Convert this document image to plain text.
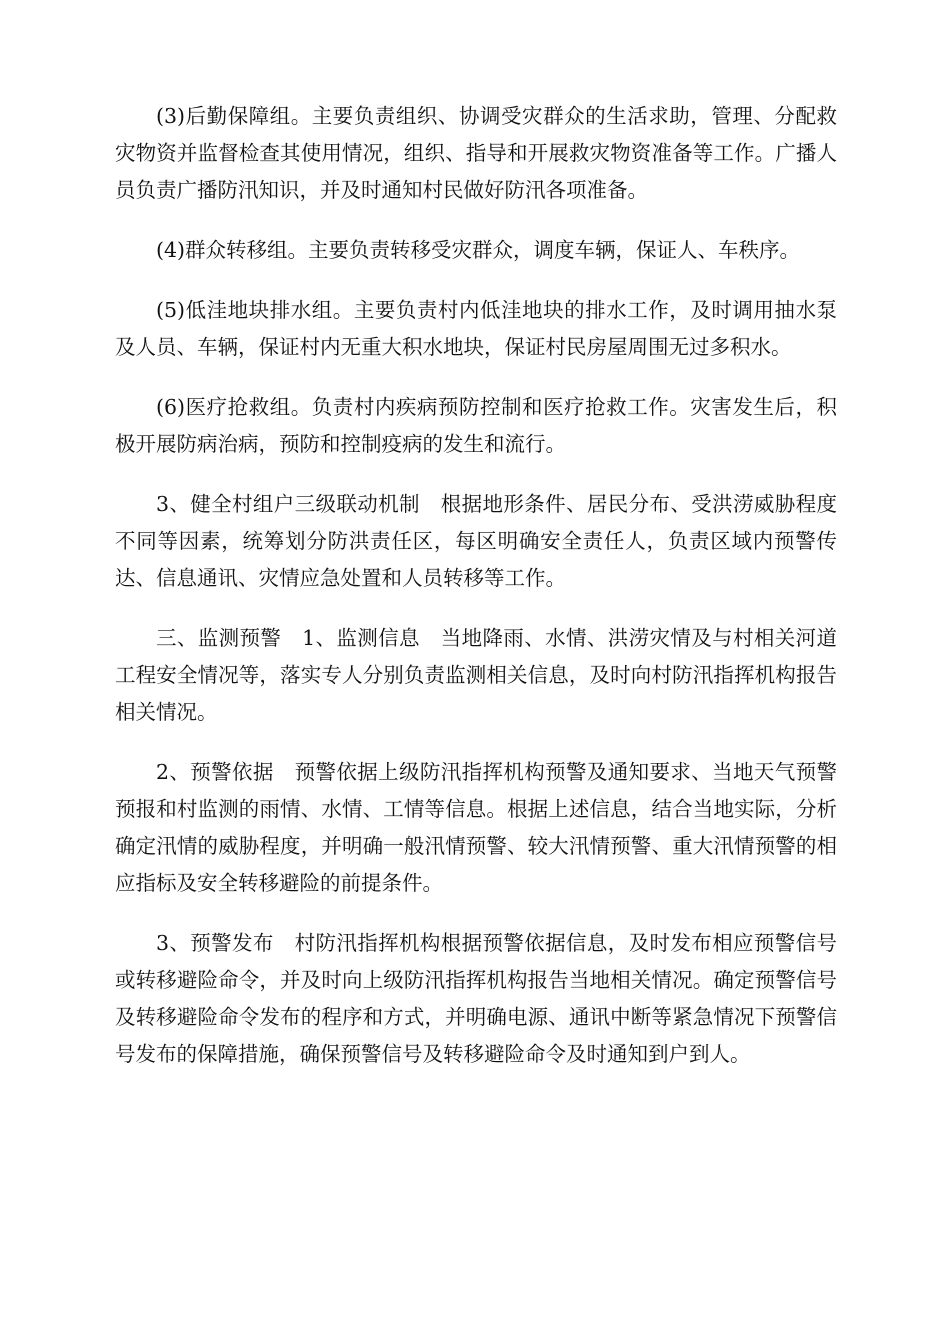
(3)后勤保障组。主要负责组织、协调受灾群众的生活求助，管理、分配救灾物资并监督检查其使用情况，组织、指导和开展救灾物资准备等工作。广播人员负责广播防汛知识，并及时通知村民做好防汛各项准备。

(4)群众转移组。主要负责转移受灾群众，调度车辆，保证人、车秩序。

(5)低洼地块排水组。主要负责村内低洼地块的排水工作，及时调用抽水泵及人员、车辆，保证村内无重大积水地块，保证村民房屋周围无过多积水。

(6)医疗抢救组。负责村内疾病预防控制和医疗抢救工作。灾害发生后，积极开展防病治病，预防和控制疫病的发生和流行。

3、健全村组户三级联动机制　根据地形条件、居民分布、受洪涝威胁程度不同等因素，统筹划分防洪责任区，每区明确安全责任人，负责区域内预警传达、信息通讯、灾情应急处置和人员转移等工作。

三、监测预警　1、监测信息　当地降雨、水情、洪涝灾情及与村相关河道工程安全情况等，落实专人分别负责监测相关信息，及时向村防汛指挥机构报告相关情况。

2、预警依据　预警依据上级防汛指挥机构预警及通知要求、当地天气预警预报和村监测的雨情、水情、工情等信息。根据上述信息，结合当地实际，分析确定汛情的威胁程度，并明确一般汛情预警、较大汛情预警、重大汛情预警的相应指标及安全转移避险的前提条件。

3、预警发布　村防汛指挥机构根据预警依据信息，及时发布相应预警信号或转移避险命令，并及时向上级防汛指挥机构报告当地相关情况。确定预警信号及转移避险命令发布的程序和方式，并明确电源、通讯中断等紧急情况下预警信号发布的保障措施，确保预警信号及转移避险命令及时通知到户到人。
